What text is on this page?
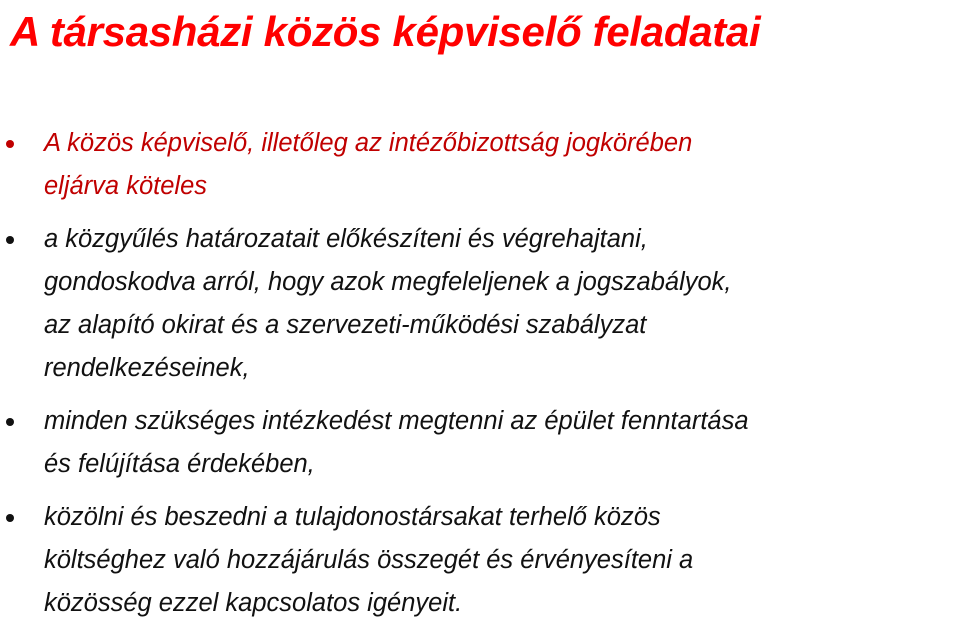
A társasházi közös képviselő feladatai
A közös képviselő, illetőleg az intézőbizottság jogkörében
eljárva köteles
a közgyűlés határozatait előkészíteni és végrehajtani,
gondoskodva arról, hogy azok megfeleljenek a jogszabályok,
az alapító okirat és a szervezeti-működési szabályzat
rendelkezéseinek,
minden szükséges intézkedést megtenni az épület fenntartása
és felújítása érdekében,
közölni és beszedni a tulajdonostársakat terhelő közös
költséghez való hozzájárulás összegét és érvényesíteni a
közösség ezzel kapcsolatos igényeit.
